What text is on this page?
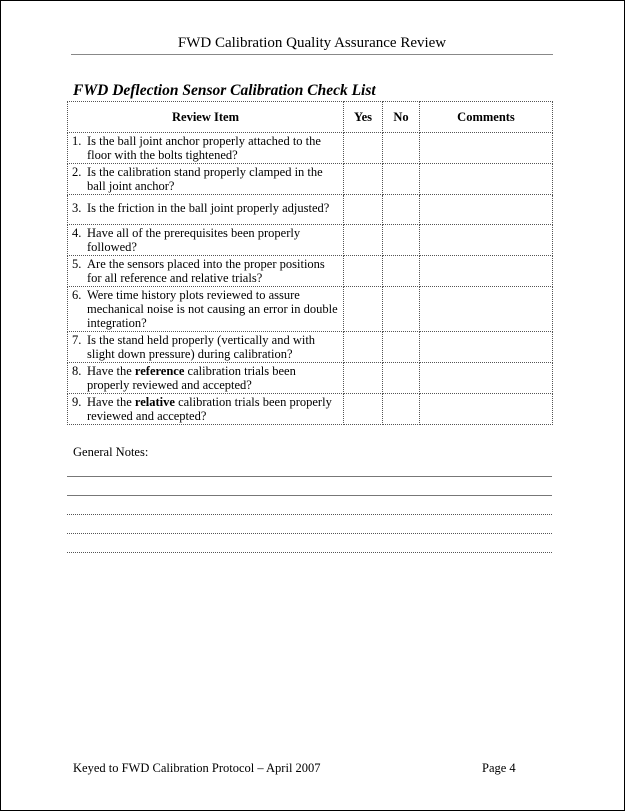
FWD Calibration Quality Assurance Review
FWD Deflection Sensor Calibration Check List
Review Item	Yes	No	Comments

1. Is the ball joint anchor properly attached to the floor with the bolts tightened?			

2. Is the calibration stand properly clamped in the ball joint anchor?			

3. Is the friction in the ball joint properly adjusted?			

4. Have all of the prerequisites been properly followed?			

5. Are the sensors placed into the proper positions for all reference and relative trials?			

6. Were time history plots reviewed to assure mechanical noise is not causing an error in double integration?			

7. Is the stand held properly (vertically and with slight down pressure) during calibration?			

8. Have the reference calibration trials been properly reviewed and accepted?			

9. Have the relative calibration trials been properly reviewed and accepted?			

General Notes:
Keyed to FWD Calibration Protocol – April 2007	Page 4
